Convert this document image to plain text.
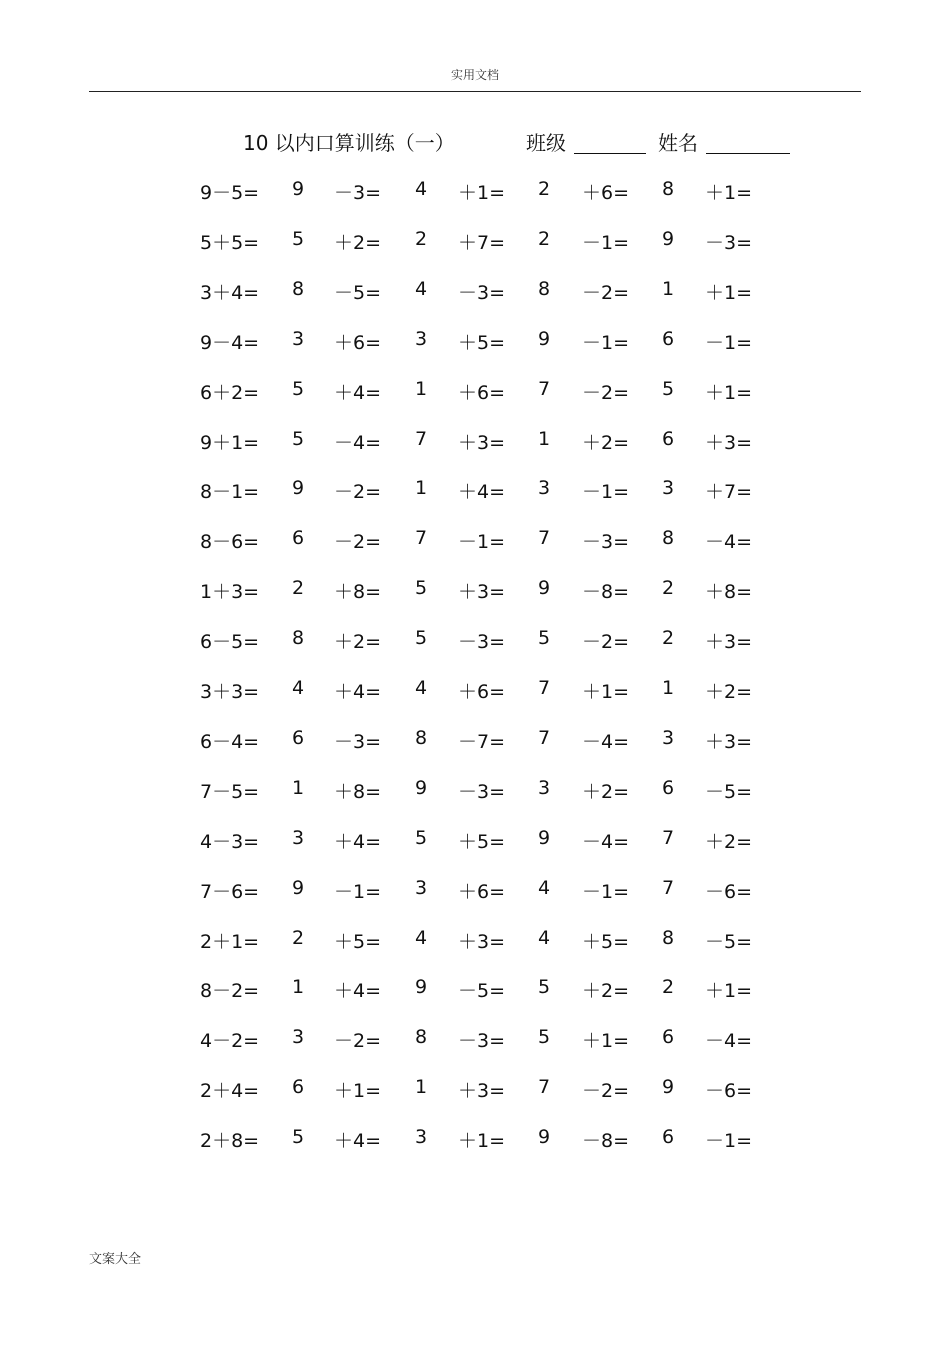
实用文档
10 以内口算训练（一）	班级	姓名
9－5= 9 －3= 4 ＋1= 2 ＋6= 8 ＋1=
5＋5= 5 ＋2= 2 ＋7= 2 －1= 9 －3=
3＋4= 8 －5= 4 －3= 8 －2= 1 ＋1=
9－4= 3 ＋6= 3 ＋5= 9 －1= 6 －1=
6＋2= 5 ＋4= 1 ＋6= 7 －2= 5 ＋1=
9＋1= 5 －4= 7 ＋3= 1 ＋2= 6 ＋3=
8－1= 9 －2= 1 ＋4= 3 －1= 3 ＋7=
8－6= 6 －2= 7 －1= 7 －3= 8 －4=
1＋3= 2 ＋8= 5 ＋3= 9 －8= 2 ＋8=
6－5= 8 ＋2= 5 －3= 5 －2= 2 ＋3=
3＋3= 4 ＋4= 4 ＋6= 7 ＋1= 1 ＋2=
6－4= 6 －3= 8 －7= 7 －4= 3 ＋3=
7－5= 1 ＋8= 9 －3= 3 ＋2= 6 －5=
4－3= 3 ＋4= 5 ＋5= 9 －4= 7 ＋2=
7－6= 9 －1= 3 ＋6= 4 －1= 7 －6=
2＋1= 2 ＋5= 4 ＋3= 4 ＋5= 8 －5=
8－2= 1 ＋4= 9 －5= 5 ＋2= 2 ＋1=
4－2= 3 －2= 8 －3= 5 ＋1= 6 －4=
2＋4= 6 ＋1= 1 ＋3= 7 －2= 9 －6=
2＋8= 5 ＋4= 3 ＋1= 9 －8= 6 －1=
文案大全
